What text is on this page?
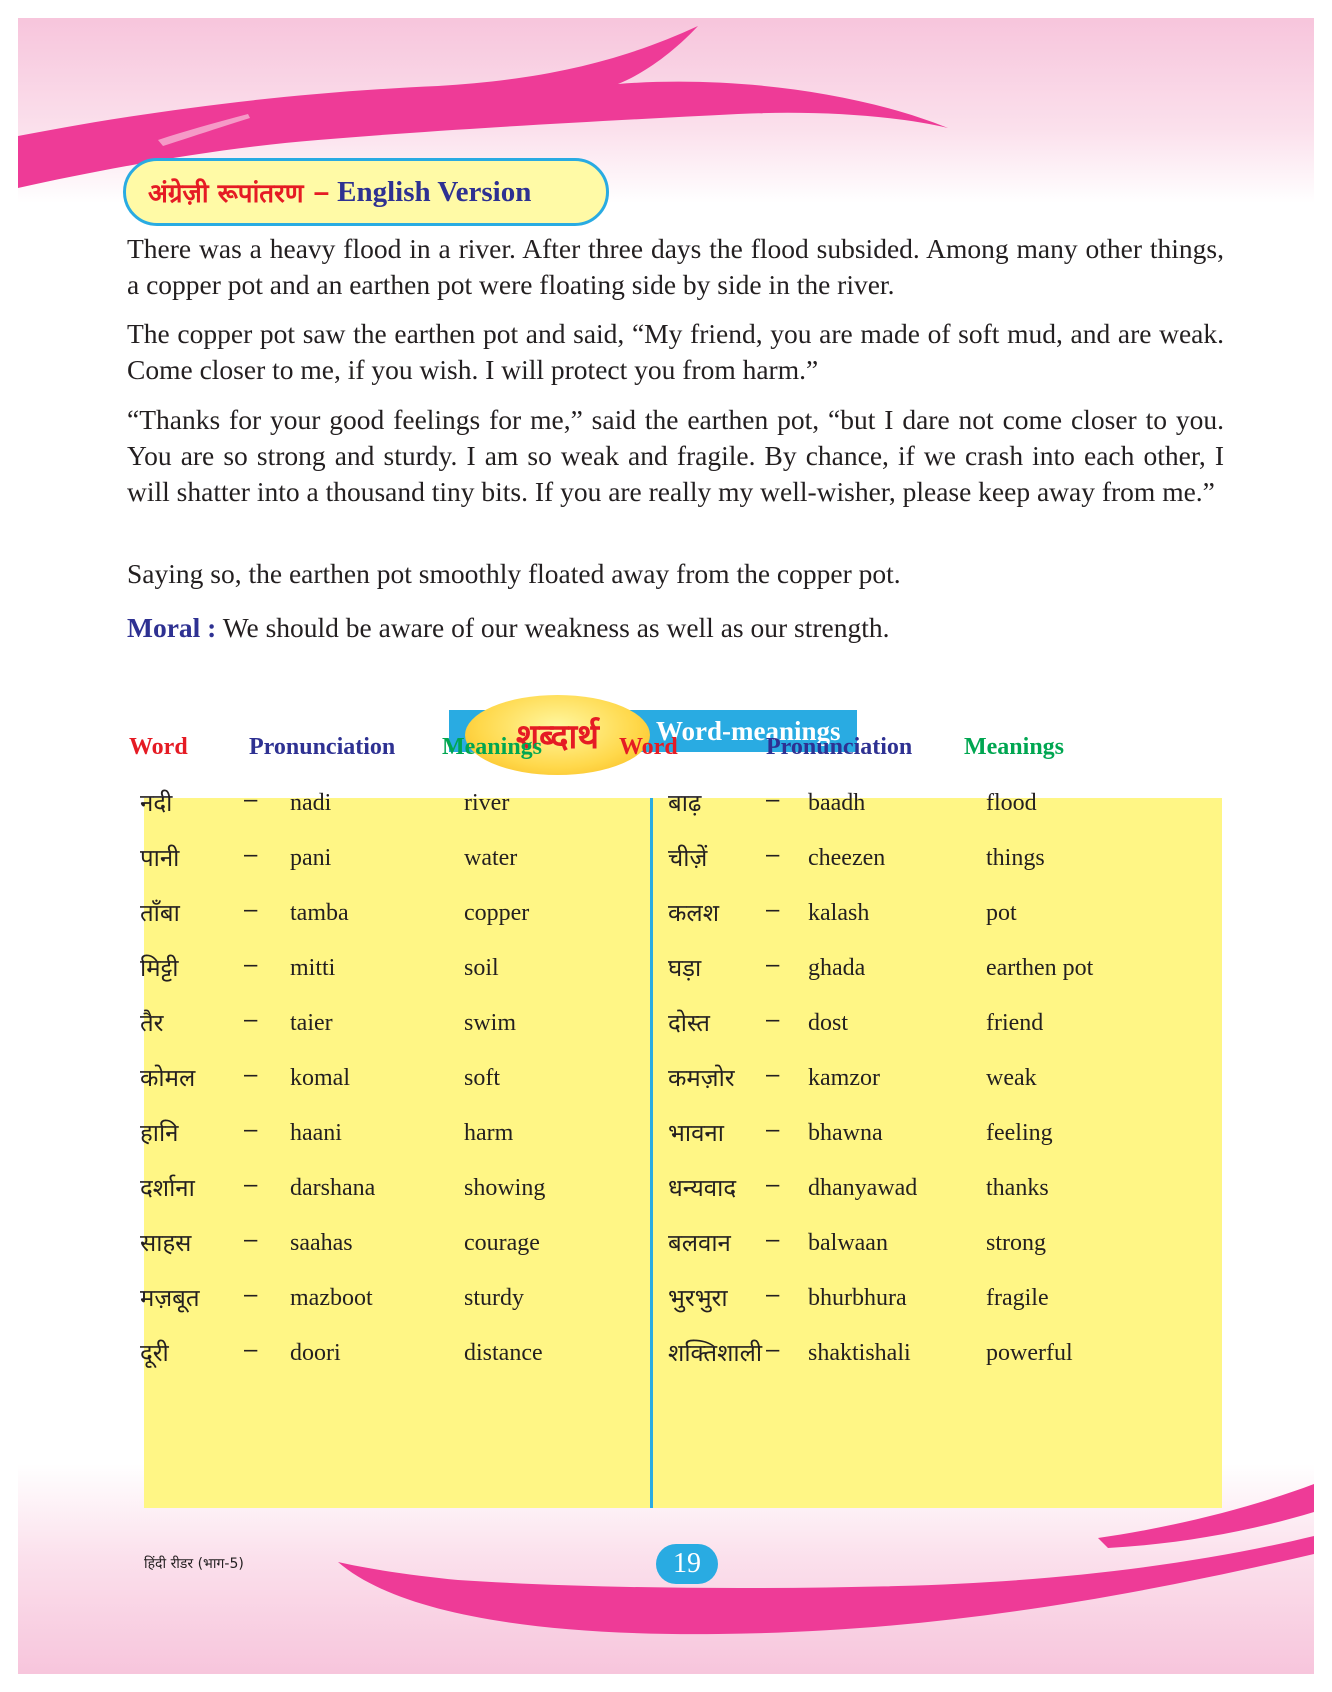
अंग्रेज़ी रूपांतरण – English Version

There was a heavy flood in a river. After three days the flood subsided. Among many other things, a copper pot and an earthen pot were floating side by side in the river.

The copper pot saw the earthen pot and said, “My friend, you are made of soft mud, and are weak. Come closer to me, if you wish. I will protect you from harm.”

“Thanks for your good feelings for me,” said the earthen pot, “but I dare not come closer to you. You are so strong and sturdy. I am so weak and fragile. By chance, if we crash into each other, I will shatter into a thousand tiny bits. If you are really my well-wisher, please keep away from me.”

Saying so, the earthen pot smoothly floated away from the copper pot.

Moral : We should be aware of our weakness as well as our strength.

शब्दार्थ Word-meanings
हिंदी रीडर (भाग-5)	19
Word	Pronunciation Meanings
नदी	– nadi	river
पानी	– pani	water
ताँबा	– tamba	copper
मिट्टी	– mitti	soil
तैर	– taier	swim
कोमल – komal	soft
हानि	– haani	harm
दर्शाना – darshana	showing
साहस – saahas	courage
मज़बूत – mazboot	sturdy
दूरी	– doori	distance
Word	Pronunciation Meanings
बाढ़	– baadh	flood
चीज़ें – cheezen	things
कलश – kalash	pot
घड़ा	– ghada	earthen pot
दोस्त – dost	friend
कमज़ोर – kamzor	weak
भावना – bhawna	feeling
धन्यवाद – dhanyawad	thanks
बलवान – balwaan	strong
भुरभुरा – bhurbhura	fragile
शक्तिशाली – shaktishali	powerful
